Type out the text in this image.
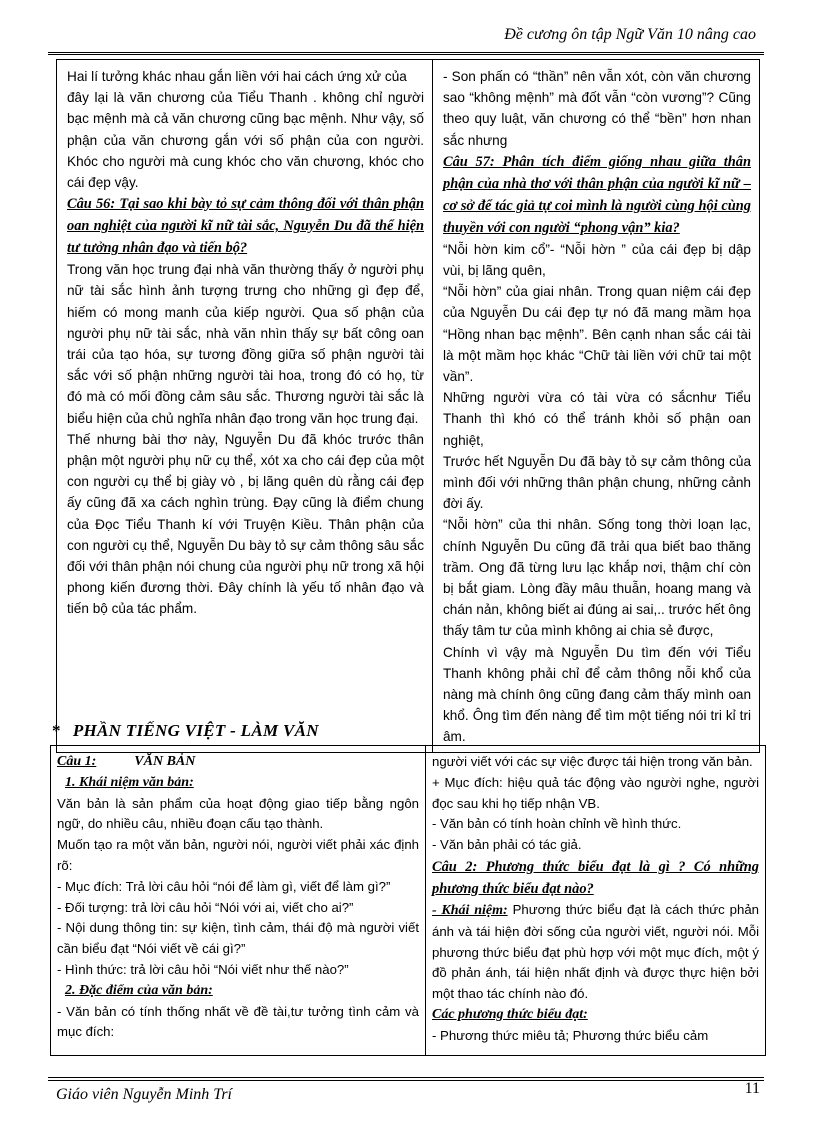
Đề cương ôn tập Ngữ Văn 10 nâng cao

Hai lí tưởng khác nhau gắn liền với hai cách ứng xử của

đây lại là văn chương của Tiểu Thanh . không chỉ người bạc mệnh mà cả văn chương cũng bạc mệnh. Như vậy, số phận của văn chương gắn với số phận của con người. Khóc cho người mà cung khóc cho văn chương, khóc cho cái đẹp vậy.

Câu 56: Tại sao khi bày tỏ sự cảm thông đối với thân phận oan nghiệt của người kĩ nữ tài sắc, Nguyễn Du đã thể hiện tư tưởng nhân đạo và tiến bộ?

Trong văn học trung đại nhà văn thường thấy ở người phụ nữ tài sắc hình ảnh tượng trưng cho những gì đẹp để, hiếm có mong manh của kiếp người. Qua số phận của người phụ nữ tài sắc, nhà văn nhìn thấy sự bất công oan trái của tạo hóa, sự tương đồng giữa số phận người tài sắc với số phận những người tài hoa, trong đó có họ, từ đó mà có mối đồng cảm sâu sắc. Thương người tài sắc là biểu hiện của chủ nghĩa nhân đạo trong văn học trung đại.

Thế nhưng bài thơ này, Nguyễn Du đã khóc trước thân phận một người phụ nữ cụ thể, xót xa cho cái đẹp của một con người cụ thể bị giày vò , bị lãng quên dù rằng cái đẹp ấy cũng đã xa cách nghìn trùng. Đạy cũng là điểm chung của Đọc Tiểu Thanh kí với Truyện Kiều. Thân phận của con người cụ thể, Nguyễn Du bày tỏ sự cảm thông sâu sắc đối với thân phận nói chung của người phụ nữ trong xã hội phong kiến đương thời. Đây chính là yếu tố nhân đạo và tiến bộ của tác phẩm.

- Son phấn có “thần” nên vẫn xót, còn văn chương sao “không mệnh” mà đốt vẫn “còn vương”? Cũng theo quy luật, văn chương có thể “bền” hơn nhan sắc nhưng

Câu 57: Phân tích điểm giống nhau giữa thân phận của nhà thơ với thân phận của người kĩ nữ – cơ sở để tác giả tự coi mình là người cùng hội cùng thuyền với con người “phong vận” kia?

“Nỗi hờn kim cổ”- “Nỗi hờn ” của cái đẹp bị dập vùi, bị lãng quên,

“Nỗi hờn” của giai nhân. Trong quan niệm cái đẹp của Nguyễn Du cái đẹp tự nó đã mang mầm họa “Hồng nhan bạc mệnh”. Bên cạnh nhan sắc cái tài là một mầm học khác “Chữ tài liền với chữ tai một vần”.

Những người vừa có tài vừa có sắcnhư Tiểu Thanh thì khó có thể tránh khỏi số phận oan nghiệt,

Trước hết Nguyễn Du đã bày tỏ sự cảm thông của mình đối với những thân phận chung, những cảnh đời ấy.

“Nỗi hờn” của thi nhân. Sống tong thời loạn lạc, chính Nguyễn Du cũng đã trải qua biết bao thăng trầm. Ong đã từng lưu lạc khắp nơi, thậm chí còn bị bắt giam. Lòng đầy mâu thuẫn, hoang mang và chán nản, không biết ai đúng ai sai,.. trước hết ông thấy tâm tư của mình không ai chia sẻ được,

Chính vì vậy mà Nguyễn Du tìm đến với Tiểu Thanh không phải chỉ để cảm thông nỗi khổ của nàng mà chính ông cũng đang cảm thấy mình oan khổ. Ông tìm đến nàng để tìm một tiếng nói tri kỉ tri âm.

* PHẦN TIẾNG VIỆT - LÀM VĂN

Câu 1:	VĂN BẢN

1. Khái niệm văn bản:

Văn bản là sản phẩm của hoạt động giao tiếp bằng ngôn ngữ, do nhiều câu, nhiều đoạn cấu tạo thành.

Muốn tạo ra một văn bản, người nói, người viết phải xác định rõ:

- Mục đích: Trả lời câu hỏi “nói để làm gì, viết để làm gì?”

- Đối tượng: trả lời câu hỏi “Nói với ai, viết cho ai?”

- Nội dung thông tin: sự kiện, tình cảm, thái độ mà người viết cần biểu đạt “Nói viết về cái gì?”

- Hình thức: trả lời câu hỏi “Nói viết như thế nào?”

2. Đặc điểm của văn bản:

- Văn bản có tính thống nhất về đề tài,tư tưởng tình cảm và mục đích:

người viết với các sự việc được tái hiện trong văn bản.

+ Mục đích: hiệu quả tác động vào người nghe, người đọc sau khi họ tiếp nhận VB.

- Văn bản có tính hoàn chỉnh về hình thức.

- Văn bản phải có tác giả.

Câu 2: Phương thức biểu đạt là gì ? Có những phương thức biểu đạt nào?

- Khái niệm: Phương thức biểu đạt là cách thức phản ánh và tái hiện đời sống của người viết, người nói. Mỗi phương thức biểu đạt phù hợp với một mục đích, một ý đồ phản ánh, tái hiện nhất định và được thực hiện bởi một thao tác chính nào đó.

Các phương thức biểu đạt:

- Phương thức miêu tả; Phương thức biểu cảm

Giáo viên Nguyễn Minh Trí	11
